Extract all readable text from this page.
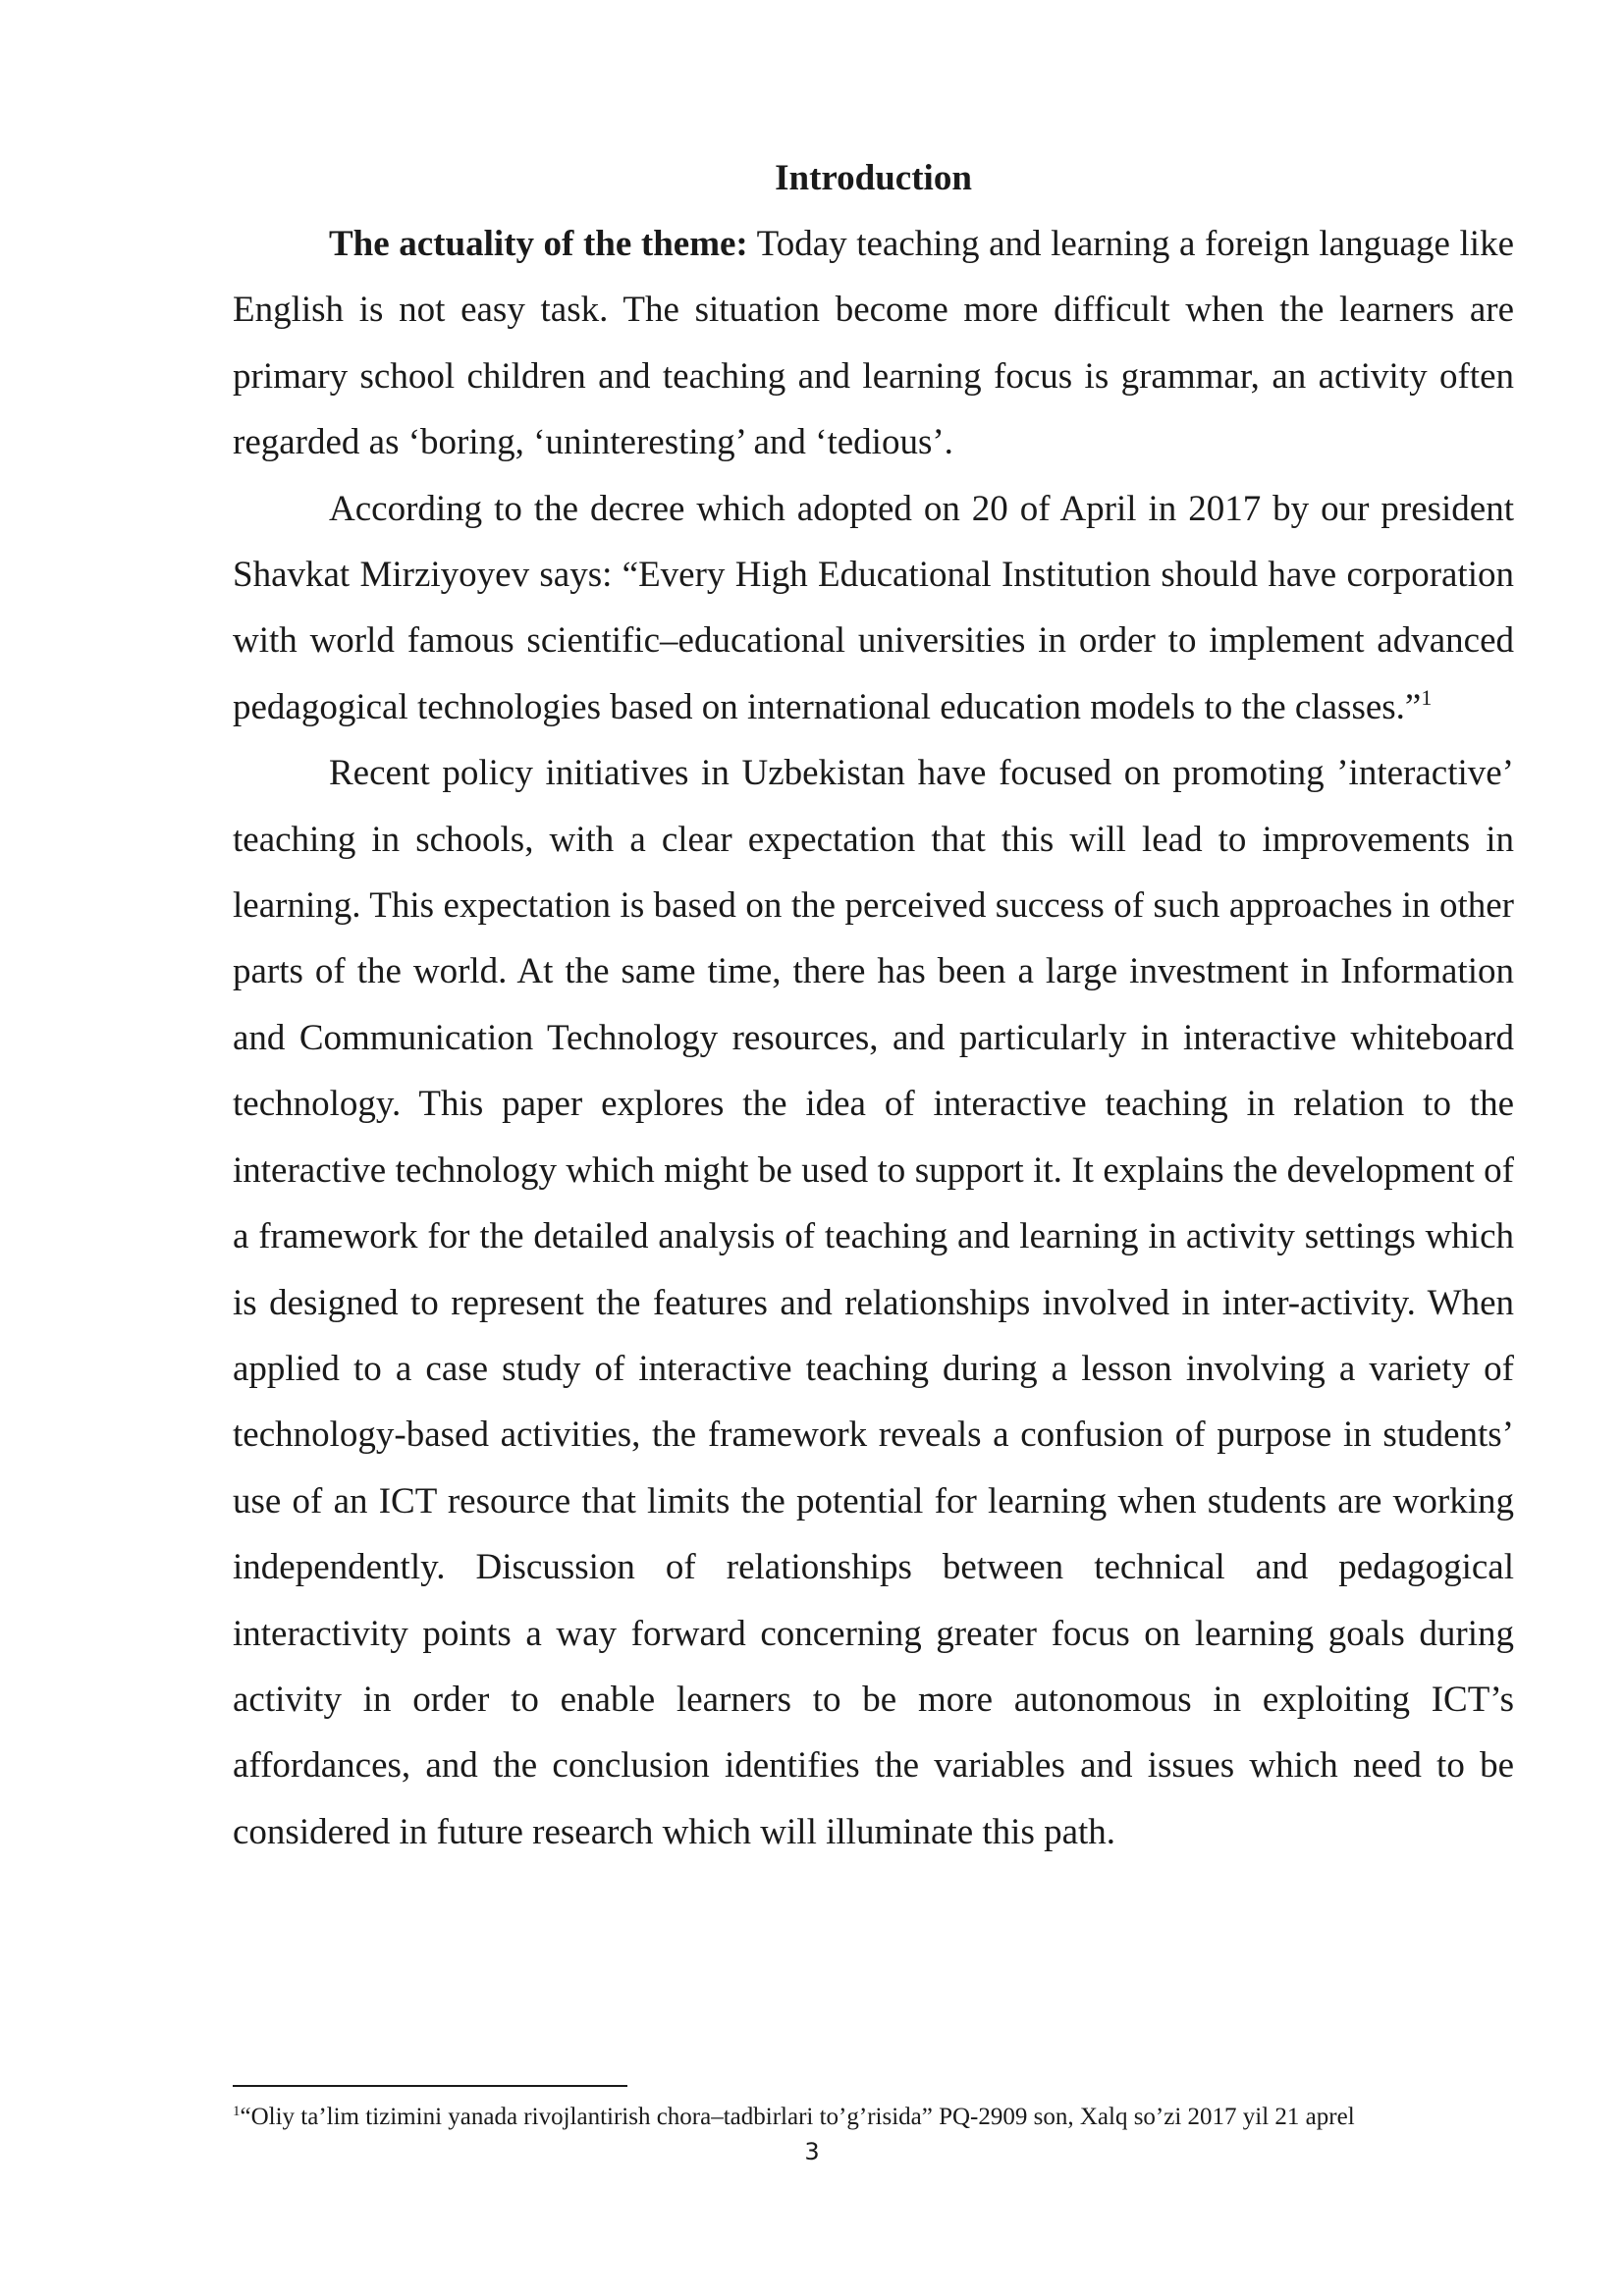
Introduction

The actuality of the theme: Today teaching and learning a foreign language like English is not easy task. The situation become more difficult when the learners are primary school children and teaching and learning focus is grammar, an activity often regarded as ‘boring, ‘uninteresting’ and ‘tedious’.

According to the decree which adopted on 20 of April in 2017 by our president Shavkat Mirziyoyev says: “Every High Educational Institution should have corporation with world famous scientific–educational universities in order to implement advanced pedagogical technologies based on international education models to the classes.”$^1$

Recent policy initiatives in Uzbekistan have focused on promoting ’interactive’ teaching in schools, with a clear expectation that this will lead to improvements in learning. This expectation is based on the perceived success of such approaches in other parts of the world. At the same time, there has been a large investment in Information and Communication Technology resources, and particularly in interactive whiteboard technology. This paper explores the idea of interactive teaching in relation to the interactive technology which might be used to support it. It explains the development of a framework for the detailed analysis of teaching and learning in activity settings which is designed to represent the features and relationships involved in inter-activity. When applied to a case study of interactive teaching during a lesson involving a variety of technology-based activities, the framework reveals a confusion of purpose in students’ use of an ICT resource that limits the potential for learning when students are working independently. Discussion of relationships between technical and pedagogical interactivity points a way forward concerning greater focus on learning goals during activity in order to enable learners to be more autonomous in exploiting ICT’s affordances, and the conclusion identifies the variables and issues which need to be considered in future research which will illuminate this path.

$^1$“Oliy ta’lim tizimini yanada rivojlantirish chora–tadbirlari to’g’risida” PQ-2909 son, Xalq so’zi 2017 yil 21 aprel

3
